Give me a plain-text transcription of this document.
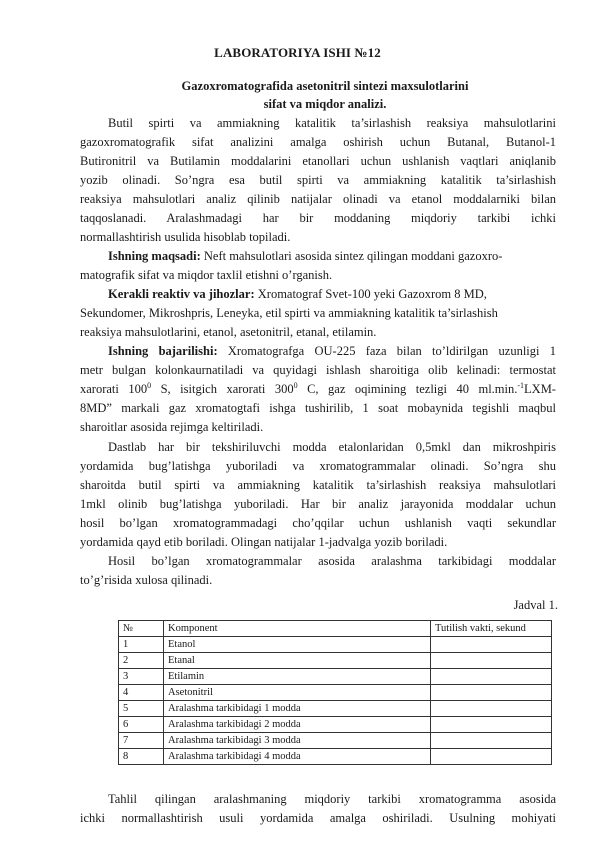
LABORATORIYA ISHI №12
Gazoxromatografida asetonitril sintezi maxsulotlarini
sifat va miqdor analizi.
Butil spirti va ammiakning katalitik ta’sirlashish reaksiya mahsulotlarini
gazoxromatografik sifat analizini amalga oshirish uchun Butanal, Butanol-1
Butironitril va Butilamin moddalarini etanollari uchun ushlanish vaqtlari aniqlanib
yozib olinadi. So’ngra esa butil spirti va ammiakning katalitik ta’sirlashish
reaksiya mahsulotlari analiz qilinib natijalar olinadi va etanol moddalarniki bilan
taqqoslanadi. Aralashmadagi har bir moddaning miqdoriy tarkibi ichki
normallashtirish usulida hisoblab topiladi.
Ishning maqsadi: Neft mahsulotlari asosida sintez qilingan moddani gazoxro-
matografik sifat va miqdor taxlil etishni o’rganish.
Kerakli reaktiv va jihozlar: Xromatograf Svet-100 yeki Gazoxrom 8 MD,
Sekundomer, Mikroshpris, Leneyka, etil spirti va ammiakning katalitik ta’sirlashish
reaksiya mahsulotlarini, etanol, asetonitril, etanal, etilamin.
Ishning bajarilishi: Xromatografga OU-225 faza bilan to’ldirilgan uzunligi 1
metr bulgan kolonkaurnatiladi va quyidagi ishlash sharoitiga olib kelinadi: termostat
xarorati $100^0$ S, isitgich xarorati $300^0$ C, gaz oqimining tezligi 40 ml.min.$^{-1}$LXM-
8MD” markali gaz xromatogtafi ishga tushirilib, 1 soat mobaynida tegishli maqbul
sharoitlar asosida rejimga keltiriladi.
Dastlab har bir tekshiriluvchi modda etalonlaridan 0,5mkl dan mikroshpiris
yordamida bug’latishga yuboriladi va xromatogrammalar olinadi. So’ngra shu
sharoitda butil spirti va ammiakning katalitik ta’sirlashish reaksiya mahsulotlari
1mkl olinib bug’latishga yuboriladi. Har bir analiz jarayonida moddalar uchun
hosil bo’lgan xromatogrammadagi cho’qqilar uchun ushlanish vaqti sekundlar
yordamida qayd etib boriladi. Olingan natijalar 1-jadvalga yozib boriladi.
Hosil bo’lgan xromatogrammalar asosida aralashma tarkibidagi moddalar
to’g’risida xulosa qilinadi.
Jadval 1.
№	Komponent	Tutilish vakti, sekund
1	Etanol	
2	Etanal	
3	Etilamin	
4	Asetonitril	
5	Aralashma tarkibidagi 1 modda	
6	Aralashma tarkibidagi 2 modda	
7	Aralashma tarkibidagi 3 modda	
8	Aralashma tarkibidagi 4 modda	
Tahlil qilingan aralashmaning miqdoriy tarkibi xromatogramma asosida
ichki normallashtirish usuli yordamida amalga oshiriladi. Usulning mohiyati
